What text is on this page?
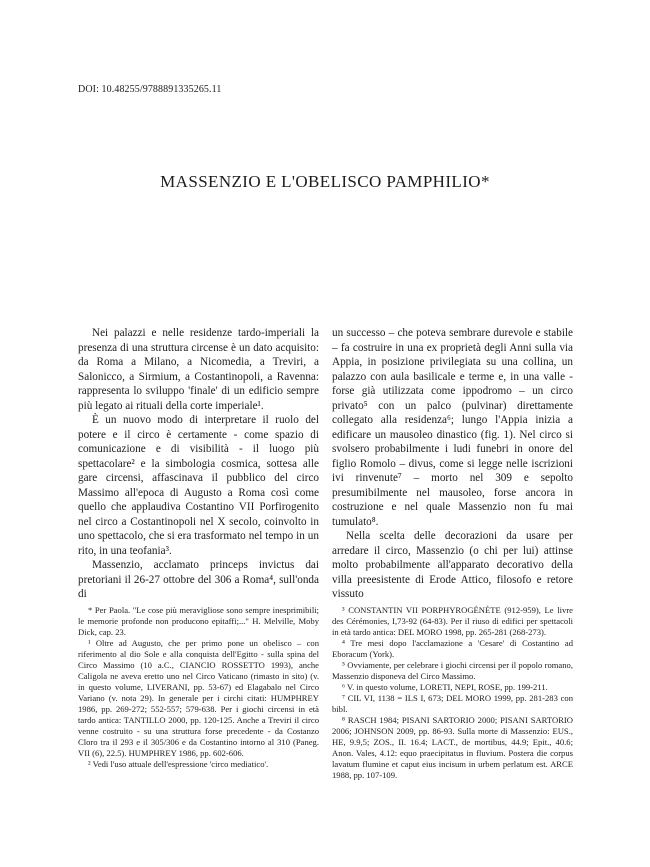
DOI: 10.48255/9788891335265.11
MASSENZIO E L'OBELISCO PAMPHILIO*

Nei palazzi e nelle residenze tardo-imperiali la presenza di una struttura circense è un dato acquisito: da Roma a Milano, a Nicomedia, a Treviri, a Salonicco, a Sirmium, a Costantinopoli, a Ravenna: rappresenta lo sviluppo 'finale' di un edificio sempre più legato ai rituali della corte imperiale¹.

È un nuovo modo di interpretare il ruolo del potere e il circo è certamente - come spazio di comunicazione e di visibilità - il luogo più spettacolare² e la simbologia cosmica, sottesa alle gare circensi, affascinava il pubblico del circo Massimo all'epoca di Augusto a Roma così come quello che applaudiva Costantino VII Porfirogenito nel circo a Costantinopoli nel X secolo, coinvolto in uno spettacolo, che si era trasformato nel tempo in un rito, in una teofania³.

Massenzio, acclamato princeps invictus dai pretoriani il 26-27 ottobre del 306 a Roma⁴, sull'onda di

un successo – che poteva sembrare durevole e stabile – fa costruire in una ex proprietà degli Anni sulla via Appia, in posizione privilegiata su una collina, un palazzo con aula basilicale e terme e, in una valle - forse già utilizzata come ippodromo – un circo privato⁵ con un palco (pulvinar) direttamente collegato alla residenza⁶; lungo l'Appia inizia a edificare un mausoleo dinastico (fig. 1). Nel circo si svolsero probabilmente i ludi funebri in onore del figlio Romolo – divus, come si legge nelle iscrizioni ivi rinvenute⁷ – morto nel 309 e sepolto presumibilmente nel mausoleo, forse ancora in costruzione e nel quale Massenzio non fu mai tumulato⁸.

Nella scelta delle decorazioni da usare per arredare il circo, Massenzio (o chi per lui) attinse molto probabilmente all'apparato decorativo della villa preesistente di Erode Attico, filosofo e retore vissuto

* Per Paola. "Le cose più meravigliose sono sempre inesprimibili; le memorie profonde non producono epitaffi;..." H. Melville, Moby Dick, cap. 23.

¹ Oltre ad Augusto, che per primo pone un obelisco – con riferimento al dio Sole e alla conquista dell'Egitto - sulla spina del Circo Massimo (10 a.C., CIANCIO ROSSETTO 1993), anche Caligola ne aveva eretto uno nel Circo Vaticano (rimasto in sito) (v. in questo volume, LIVERANI, pp. 53-67) ed Elagabalo nel Circo Variano (v. nota 29). In generale per i circhi citati: HUMPHREY 1986, pp. 269-272; 552-557; 579-638. Per i giochi circensi in età tardo antica: TANTILLO 2000, pp. 120-125. Anche a Treviri il circo venne costruito - su una struttura forse precedente - da Costanzo Cloro tra il 293 e il 305/306 e da Costantino intorno al 310 (Paneg. VII (6), 22.5). HUMPHREY 1986, pp. 602-606.

² Vedi l'uso attuale dell'espressione 'circo mediatico'.

³ CONSTANTIN VII PORPHYROGÉNÈTE (912-959), Le livre des Cérémonies, I,73-92 (64-83). Per il riuso di edifici per spettacoli in età tardo antica: DEL MORO 1998, pp. 265-281 (268-273).

⁴ Tre mesi dopo l'acclamazione a 'Cesare' di Costantino ad Eboracum (York).

⁵ Ovviamente, per celebrare i giochi circensi per il popolo romano, Massenzio disponeva del Circo Massimo.

⁶ V. in questo volume, LORETI, NEPI, ROSE, pp. 199-211.

⁷ CIL VI, 1138 = ILS I, 673; DEL MORO 1999, pp. 281-283 con bibl.

⁸ RASCH 1984; PISANI SARTORIO 2000; PISANI SARTORIO 2006; JOHNSON 2009, pp. 86-93. Sulla morte di Massenzio: EUS., HE, 9.9,5; ZOS., II. 16.4; LACT., de mortibus, 44.9; Epit., 40.6; Anon. Vales, 4.12: equo praecipitatus in fluvium. Postera die corpus lavatum flumine et caput eius incisum in urbem perlatum est. ARCE 1988, pp. 107-109.
